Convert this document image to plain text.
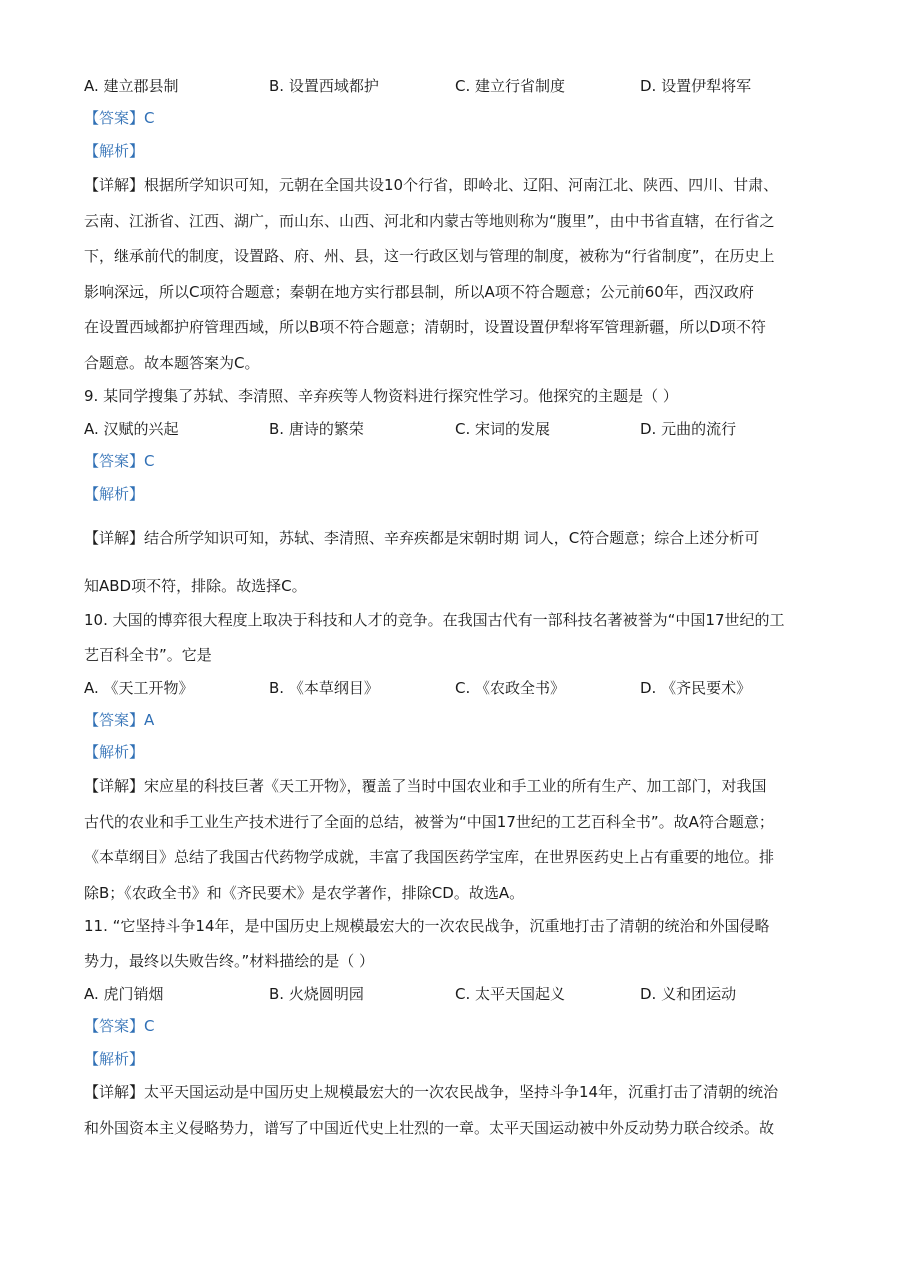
A. 建立郡县制	B. 设置西域都护	C. 建立行省制度	D. 设置伊犁将军
【答案】C
【解析】
【详解】根据所学知识可知，元朝在全国共设10个行省，即岭北、辽阳、河南江北、陕西、四川、甘肃、
云南、江浙省、江西、湖广，而山东、山西、河北和内蒙古等地则称为“腹里”，由中书省直辖，在行省之
下，继承前代的制度，设置路、府、州、县，这一行政区划与管理的制度，被称为“行省制度”，在历史上
影响深远，所以C项符合题意；秦朝在地方实行郡县制，所以A项不符合题意；公元前60年，西汉政府
在设置西域都护府管理西域，所以B项不符合题意；清朝时，设置设置伊犁将军管理新疆，所以D项不符
合题意。故本题答案为C。
9. 某同学搜集了苏轼、李清照、辛弃疾等人物资料进行探究性学习。他探究的主题是（ ）
A. 汉赋的兴起	B. 唐诗的繁荣	C. 宋词的发展	D. 元曲的流行
【答案】C
【解析】
【详解】结合所学知识可知，苏轼、李清照、辛弃疾都是宋朝时期 词人，C符合题意；综合上述分析可
知ABD项不符，排除。故选择C。
10. 大国的博弈很大程度上取决于科技和人才的竞争。在我国古代有一部科技名著被誉为“中国17世纪的工
艺百科全书”。它是
A. 《天工开物》	B. 《本草纲目》	C. 《农政全书》	D. 《齐民要术》
【答案】A
【解析】
【详解】宋应星的科技巨著《天工开物》，覆盖了当时中国农业和手工业的所有生产、加工部门，对我国
古代的农业和手工业生产技术进行了全面的总结，被誉为“中国17世纪的工艺百科全书”。故A符合题意；
《本草纲目》总结了我国古代药物学成就，丰富了我国医药学宝库，在世界医药史上占有重要的地位。排
除B；《农政全书》和《齐民要术》是农学著作，排除CD。故选A。
11. “它坚持斗争14年，是中国历史上规模最宏大的一次农民战争，沉重地打击了清朝的统治和外国侵略
势力，最终以失败告终。”材料描绘的是（ ）
A. 虎门销烟	B. 火烧圆明园	C. 太平天国起义	D. 义和团运动
【答案】C
【解析】
【详解】太平天国运动是中国历史上规模最宏大的一次农民战争，坚持斗争14年，沉重打击了清朝的统治
和外国资本主义侵略势力，谱写了中国近代史上壮烈的一章。太平天国运动被中外反动势力联合绞杀。故
